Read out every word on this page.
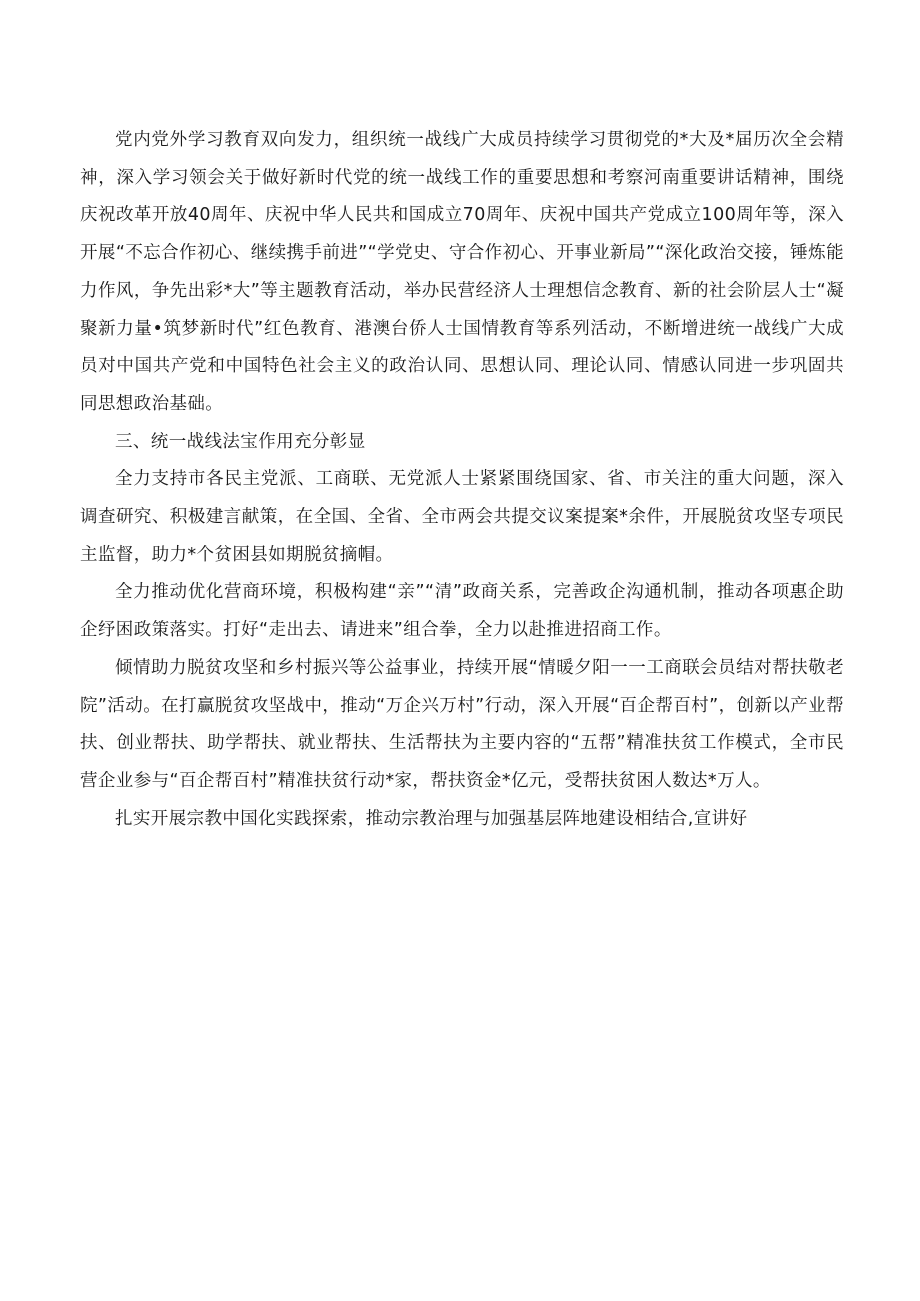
党内党外学习教育双向发力，组织统一战线广大成员持续学习贯彻党的*大及*届历次全会精神，深入学习领会关于做好新时代党的统一战线工作的重要思想和考察河南重要讲话精神，围绕庆祝改革开放40周年、庆祝中华人民共和国成立70周年、庆祝中国共产党成立100周年等，深入开展“不忘合作初心、继续携手前进”“学党史、守合作初心、开事业新局”“深化政治交接，锤炼能力作风，争先出彩*大”等主题教育活动，举办民营经济人士理想信念教育、新的社会阶层人士“凝聚新力量•筑梦新时代”红色教育、港澳台侨人士国情教育等系列活动，不断增进统一战线广大成员对中国共产党和中国特色社会主义的政治认同、思想认同、理论认同、情感认同进一步巩固共同思想政治基础。

三、统一战线法宝作用充分彰显

全力支持市各民主党派、工商联、无党派人士紧紧围绕国家、省、市关注的重大问题，深入调查研究、积极建言献策，在全国、全省、全市两会共提交议案提案*余件，开展脱贫攻坚专项民主监督，助力*个贫困县如期脱贫摘帽。

全力推动优化营商环境，积极构建“亲”“清”政商关系，完善政企沟通机制，推动各项惠企助企纾困政策落实。打好“走出去、请进来”组合拳，全力以赴推进招商工作。

倾情助力脱贫攻坚和乡村振兴等公益事业，持续开展“情暖夕阳一一工商联会员结对帮扶敬老院”活动。在打赢脱贫攻坚战中，推动“万企兴万村”行动，深入开展“百企帮百村”，创新以产业帮扶、创业帮扶、助学帮扶、就业帮扶、生活帮扶为主要内容的“五帮”精准扶贫工作模式，全市民营企业参与“百企帮百村”精准扶贫行动*家，帮扶资金*亿元，受帮扶贫困人数达*万人。

扎实开展宗教中国化实践探索，推动宗教治理与加强基层阵地建设相结合,宣讲好
